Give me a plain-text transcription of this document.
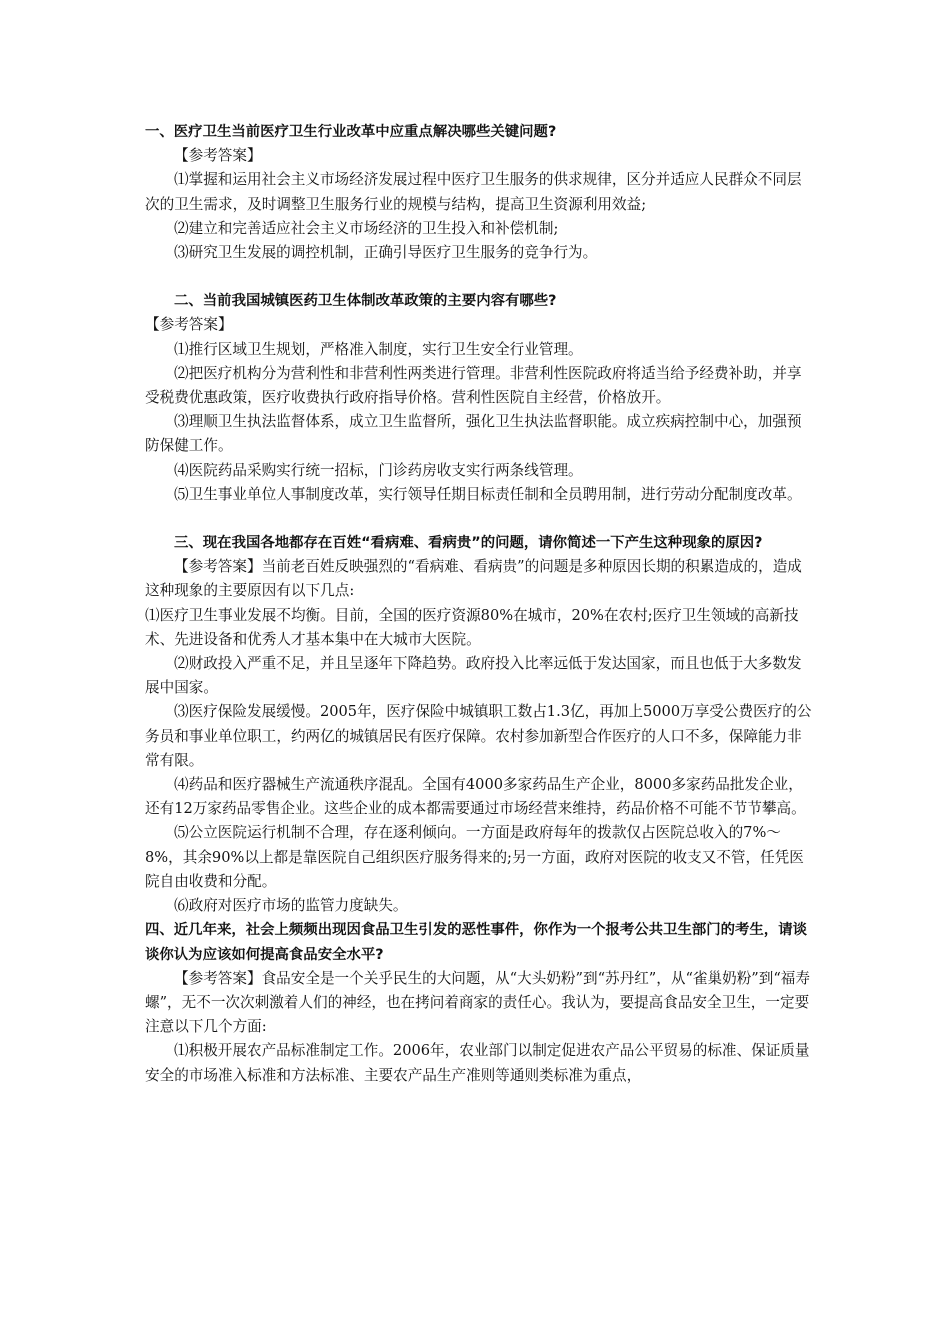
一、医疗卫生当前医疗卫生行业改革中应重点解决哪些关键问题?

【参考答案】

⑴掌握和运用社会主义市场经济发展过程中医疗卫生服务的供求规律，区分并适应人民群众不同层次的卫生需求，及时调整卫生服务行业的规模与结构，提高卫生资源利用效益;

⑵建立和完善适应社会主义市场经济的卫生投入和补偿机制;

⑶研究卫生发展的调控机制，正确引导医疗卫生服务的竞争行为。

二、当前我国城镇医药卫生体制改革政策的主要内容有哪些?

【参考答案】

⑴推行区域卫生规划，严格准入制度，实行卫生安全行业管理。

⑵把医疗机构分为营利性和非营利性两类进行管理。非营利性医院政府将适当给予经费补助，并享受税费优惠政策，医疗收费执行政府指导价格。营利性医院自主经营，价格放开。

⑶理顺卫生执法监督体系，成立卫生监督所，强化卫生执法监督职能。成立疾病控制中心，加强预防保健工作。

⑷医院药品采购实行统一招标，门诊药房收支实行两条线管理。

⑸卫生事业单位人事制度改革，实行领导任期目标责任制和全员聘用制，进行劳动分配制度改革。

三、现在我国各地都存在百姓“看病难、看病贵”的问题，请你简述一下产生这种现象的原因?

【参考答案】当前老百姓反映强烈的“看病难、看病贵”的问题是多种原因长期的积累造成的，造成这种现象的主要原因有以下几点:

⑴医疗卫生事业发展不均衡。目前，全国的医疗资源80%在城市，20%在农村;医疗卫生领域的高新技术、先进设备和优秀人才基本集中在大城市大医院。

⑵财政投入严重不足，并且呈逐年下降趋势。政府投入比率远低于发达国家，而且也低于大多数发展中国家。

⑶医疗保险发展缓慢。2005年，医疗保险中城镇职工数占1.3亿，再加上5000万享受公费医疗的公务员和事业单位职工，约两亿的城镇居民有医疗保障。农村参加新型合作医疗的人口不多，保障能力非常有限。

⑷药品和医疗器械生产流通秩序混乱。全国有4000多家药品生产企业，8000多家药品批发企业，还有12万家药品零售企业。这些企业的成本都需要通过市场经营来维持，药品价格不可能不节节攀高。

⑸公立医院运行机制不合理，存在逐利倾向。一方面是政府每年的拨款仅占医院总收入的7%～8%，其余90%以上都是靠医院自己组织医疗服务得来的;另一方面，政府对医院的收支又不管，任凭医院自由收费和分配。

⑹政府对医疗市场的监管力度缺失。

四、近几年来，社会上频频出现因食品卫生引发的恶性事件，你作为一个报考公共卫生部门的考生，请谈谈你认为应该如何提高食品安全水平?

【参考答案】食品安全是一个关乎民生的大问题，从“大头奶粉”到“苏丹红”，从“雀巢奶粉”到“福寿螺”，无不一次次刺激着人们的神经，也在拷问着商家的责任心。我认为，要提高食品安全卫生，一定要注意以下几个方面:

⑴积极开展农产品标准制定工作。2006年，农业部门以制定促进农产品公平贸易的标准、保证质量安全的市场准入标准和方法标准、主要农产品生产准则等通则类标准为重点，
